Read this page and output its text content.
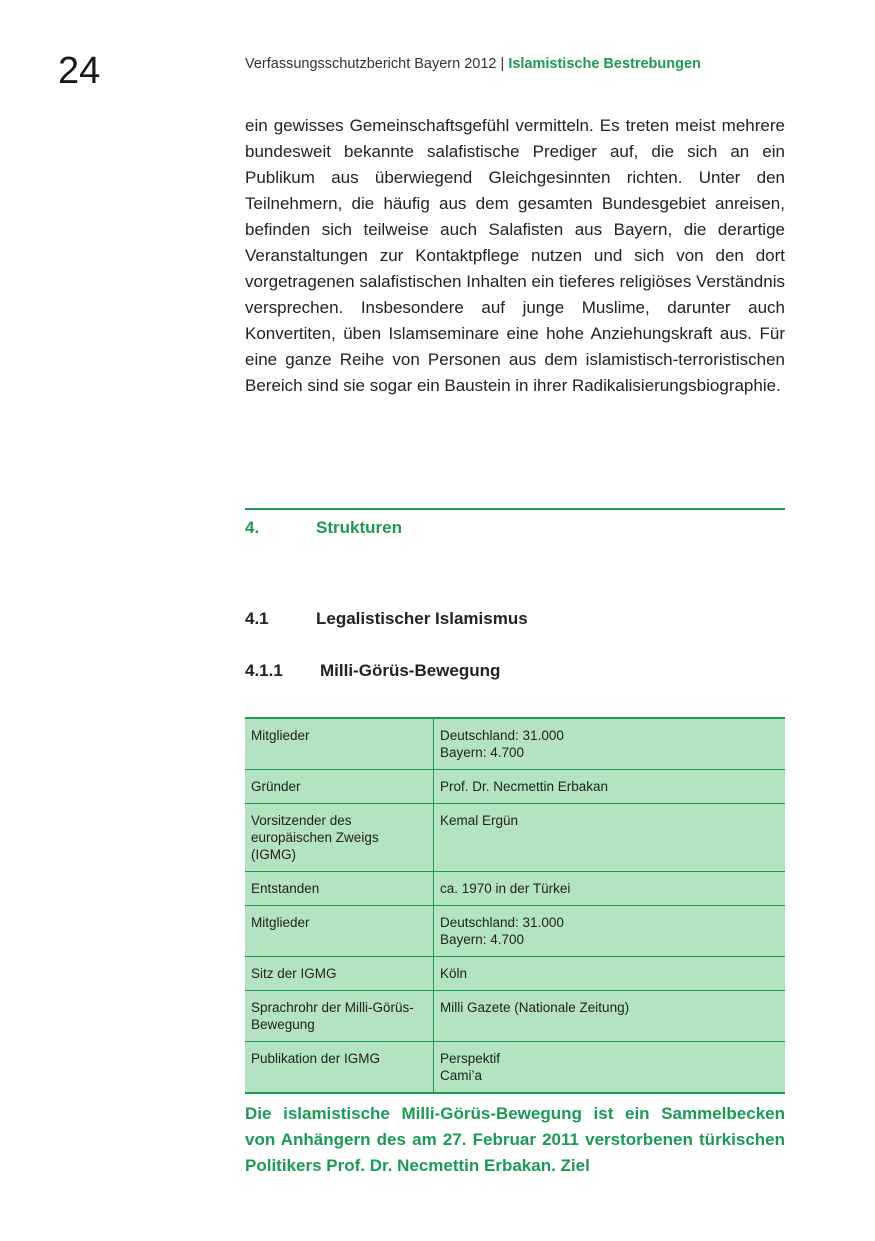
24	Verfassungsschutzbericht Bayern 2012 | Islamistische Bestrebungen

ein gewisses Gemeinschaftsgefühl vermitteln. Es treten meist mehrere bundesweit bekannte salafistische Prediger auf, die sich an ein Publikum aus überwiegend Gleichgesinnten richten. Unter den Teilnehmern, die häufig aus dem gesamten Bundesgebiet anreisen, befinden sich teilweise auch Salafisten aus Bayern, die derartige Veranstaltungen zur Kontaktpflege nutzen und sich von den dort vorgetragenen salafistischen Inhalten ein tieferes religiöses Verständnis versprechen. Insbesondere auf junge Muslime, darunter auch Konvertiten, üben Islamseminare eine hohe Anziehungskraft aus. Für eine ganze Reihe von Personen aus dem islamistisch-terroristischen Bereich sind sie sogar ein Baustein in ihrer Radikalisierungsbiographie.

4.	Strukturen
4.1	Legalistischer Islamismus
4.1.1 Milli-Görüs-Bewegung
Mitglieder	Deutschland: 31.000
Bayern: 4.700
Gründer	Prof. Dr. Necmettin Erbakan
Vorsitzender des europäischen Zweigs (IGMG)	Kemal Ergün
Entstanden	ca. 1970 in der Türkei
Mitglieder	Deutschland: 31.000
Bayern: 4.700
Sitz der IGMG	Köln
Sprachrohr der Milli-Görüs-Bewegung	Milli Gazete (Nationale Zeitung)
Publikation der IGMG	Perspektif
Cami’a

Die islamistische Milli-Görüs-Bewegung ist ein Sammelbecken von Anhängern des am 27. Februar 2011 verstorbenen türkischen Politikers Prof. Dr. Necmettin Erbakan. Ziel
